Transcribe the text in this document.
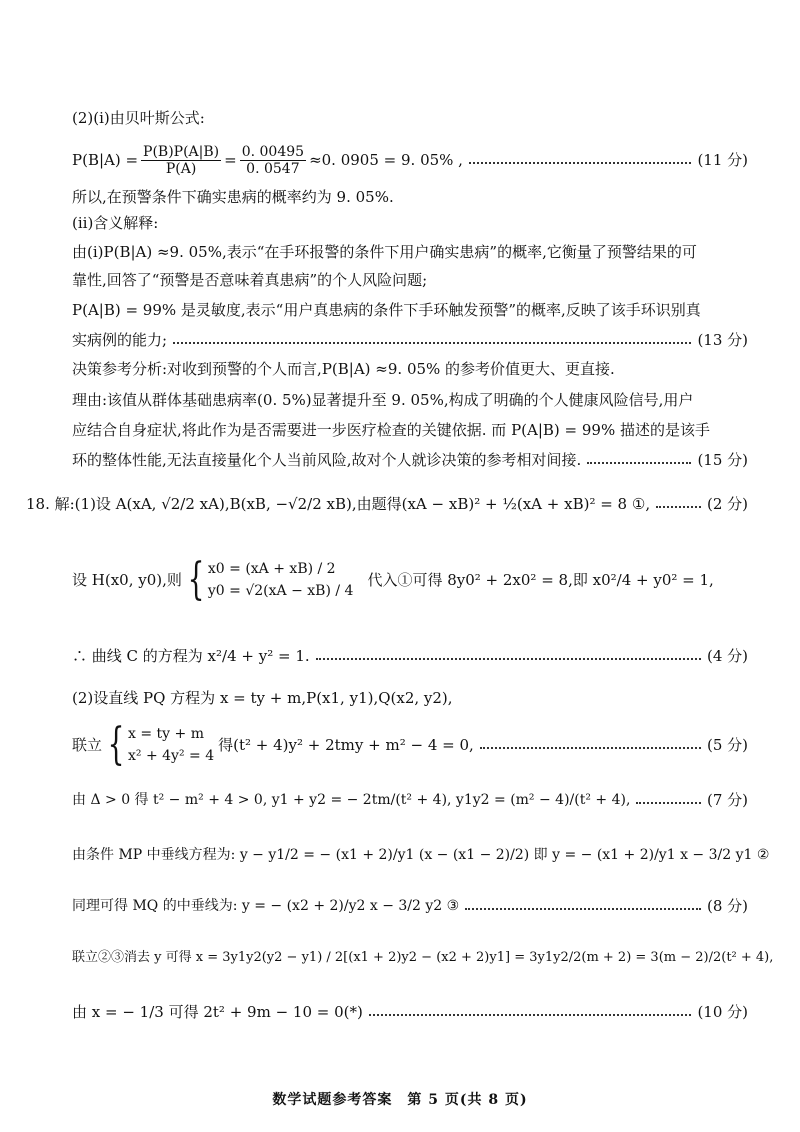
(2)(ⅰ)由贝叶斯公式:
$P(B|A) = \frac{P(B)P(A|B)}{P(A)} = \frac{0. 00495}{0. 0547} \approx 0$. 0905 = 9. 05% ,	(11 分)
所以,在预警条件下确实患病的概率约为 9. 05%.
(ⅱ)含义解释:
由(ⅰ)P(B|A) ≈9. 05%,表示“在手环报警的条件下用户确实患病”的概率,它衡量了预警结果的可
靠性,回答了“预警是否意味着真患病”的个人风险问题;
P(A|B) = 99% 是灵敏度,表示“用户真患病的条件下手环触发预警”的概率,反映了该手环识别真
实病例的能力;	(13 分)
决策参考分析:对收到预警的个人而言,P(B|A) ≈9. 05% 的参考价值更大、更直接.
理由:该值从群体基础患病率(0. 5%)显著提升至 9. 05%,构成了明确的个人健康风险信号,用户
应结合自身症状,将此作为是否需要进一步医疗检查的关键依据. 而 P(A|B) = 99% 描述的是该手
环的整体性能,无法直接量化个人当前风险,故对个人就诊决策的参考相对间接.	(15 分)
18. 解:(1)设 A(xA, √2/2 xA),B(xB, −√2/2 xB),由题得(xA − xB)² + ½(xA + xB)² = 8 ①,	(2 分)
设 H(x0, y0),则 { x0 = (xA + xB) / 2
y0 = √2(xA − xB) / 4
代入①可得 8y0² + 2x0² = 8,即 x0²/4 + y0² = 1,
∴ 曲线 C 的方程为 x²/4 + y² = 1.	(4 分)
(2)设直线 PQ 方程为 x = ty + m,P(x1, y1),Q(x2, y2),
联立 { x = ty + m
x² + 4y² = 4
得(t² + 4)y² + 2tmy + m² − 4 = 0,	(5 分)
由 Δ > 0 得 t² − m² + 4 > 0, y1 + y2 = − 2tm/(t² + 4), y1y2 = (m² − 4)/(t² + 4),	(7 分)
由条件 MP 中垂线方程为: y − y1/2 = − (x1 + 2)/y1 (x − (x1 − 2)/2) 即 y = − (x1 + 2)/y1 x − 3/2 y1 ②
同理可得 MQ 的中垂线为: y = − (x2 + 2)/y2 x − 3/2 y2 ③	(8 分)
联立②③消去 y 可得 x = 3y1y2(y2 − y1) / 2[(x1 + 2)y2 − (x2 + 2)y1] = 3y1y2/2(m + 2) = 3(m − 2)/2(t² + 4),
由 x = − 1/3 可得 2t² + 9m − 10 = 0(*)	(10 分)
数学试题参考答案　第 5 页(共 8 页)
